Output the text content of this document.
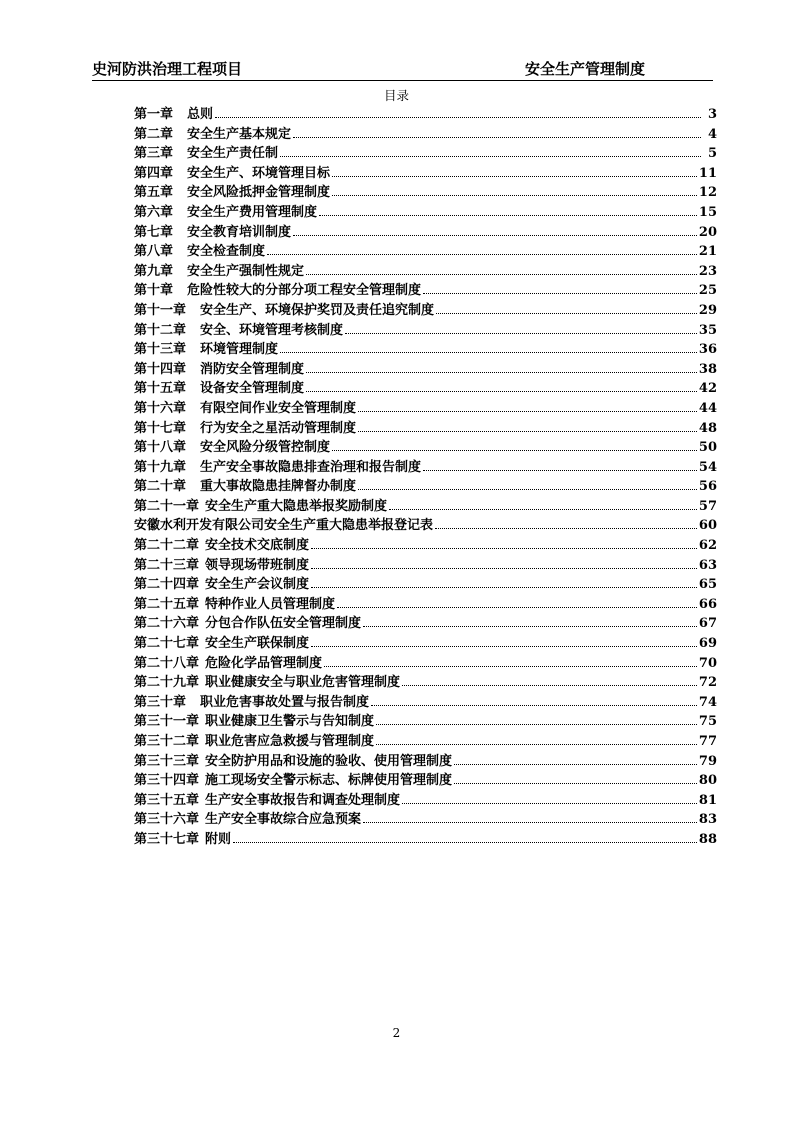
史河防洪治理工程项目	安全生产管理制度
目录
第一章	总则	3
第二章	安全生产基本规定	4
第三章	安全生产责任制	5
第四章	安全生产、环境管理目标	11
第五章	安全风险抵押金管理制度	12
第六章	安全生产费用管理制度	15
第七章	安全教育培训制度	20
第八章	安全检查制度	21
第九章	安全生产强制性规定	23
第十章	危险性较大的分部分项工程安全管理制度	25
第十一章	安全生产、环境保护奖罚及责任追究制度	29
第十二章	安全、环境管理考核制度	35
第十三章	环境管理制度	36
第十四章	消防安全管理制度	38
第十五章	设备安全管理制度	42
第十六章	有限空间作业安全管理制度	44
第十七章	行为安全之星活动管理制度	48
第十八章	安全风险分级管控制度	50
第十九章	生产安全事故隐患排查治理和报告制度	54
第二十章	重大事故隐患挂牌督办制度	56
第二十一章 安全生产重大隐患举报奖励制度	57
安徽水利开发有限公司安全生产重大隐患举报登记表	60
第二十二章 安全技术交底制度	62
第二十三章 领导现场带班制度	63
第二十四章 安全生产会议制度	65
第二十五章 特种作业人员管理制度	66
第二十六章 分包合作队伍安全管理制度	67
第二十七章 安全生产联保制度	69
第二十八章 危险化学品管理制度	70
第二十九章 职业健康安全与职业危害管理制度	72
第三十章	职业危害事故处置与报告制度	74
第三十一章 职业健康卫生警示与告知制度	75
第三十二章 职业危害应急救援与管理制度	77
第三十三章 安全防护用品和设施的验收、使用管理制度	79
第三十四章 施工现场安全警示标志、标牌使用管理制度	80
第三十五章 生产安全事故报告和调查处理制度	81
第三十六章 生产安全事故综合应急预案	83
第三十七章 附则	88
2
